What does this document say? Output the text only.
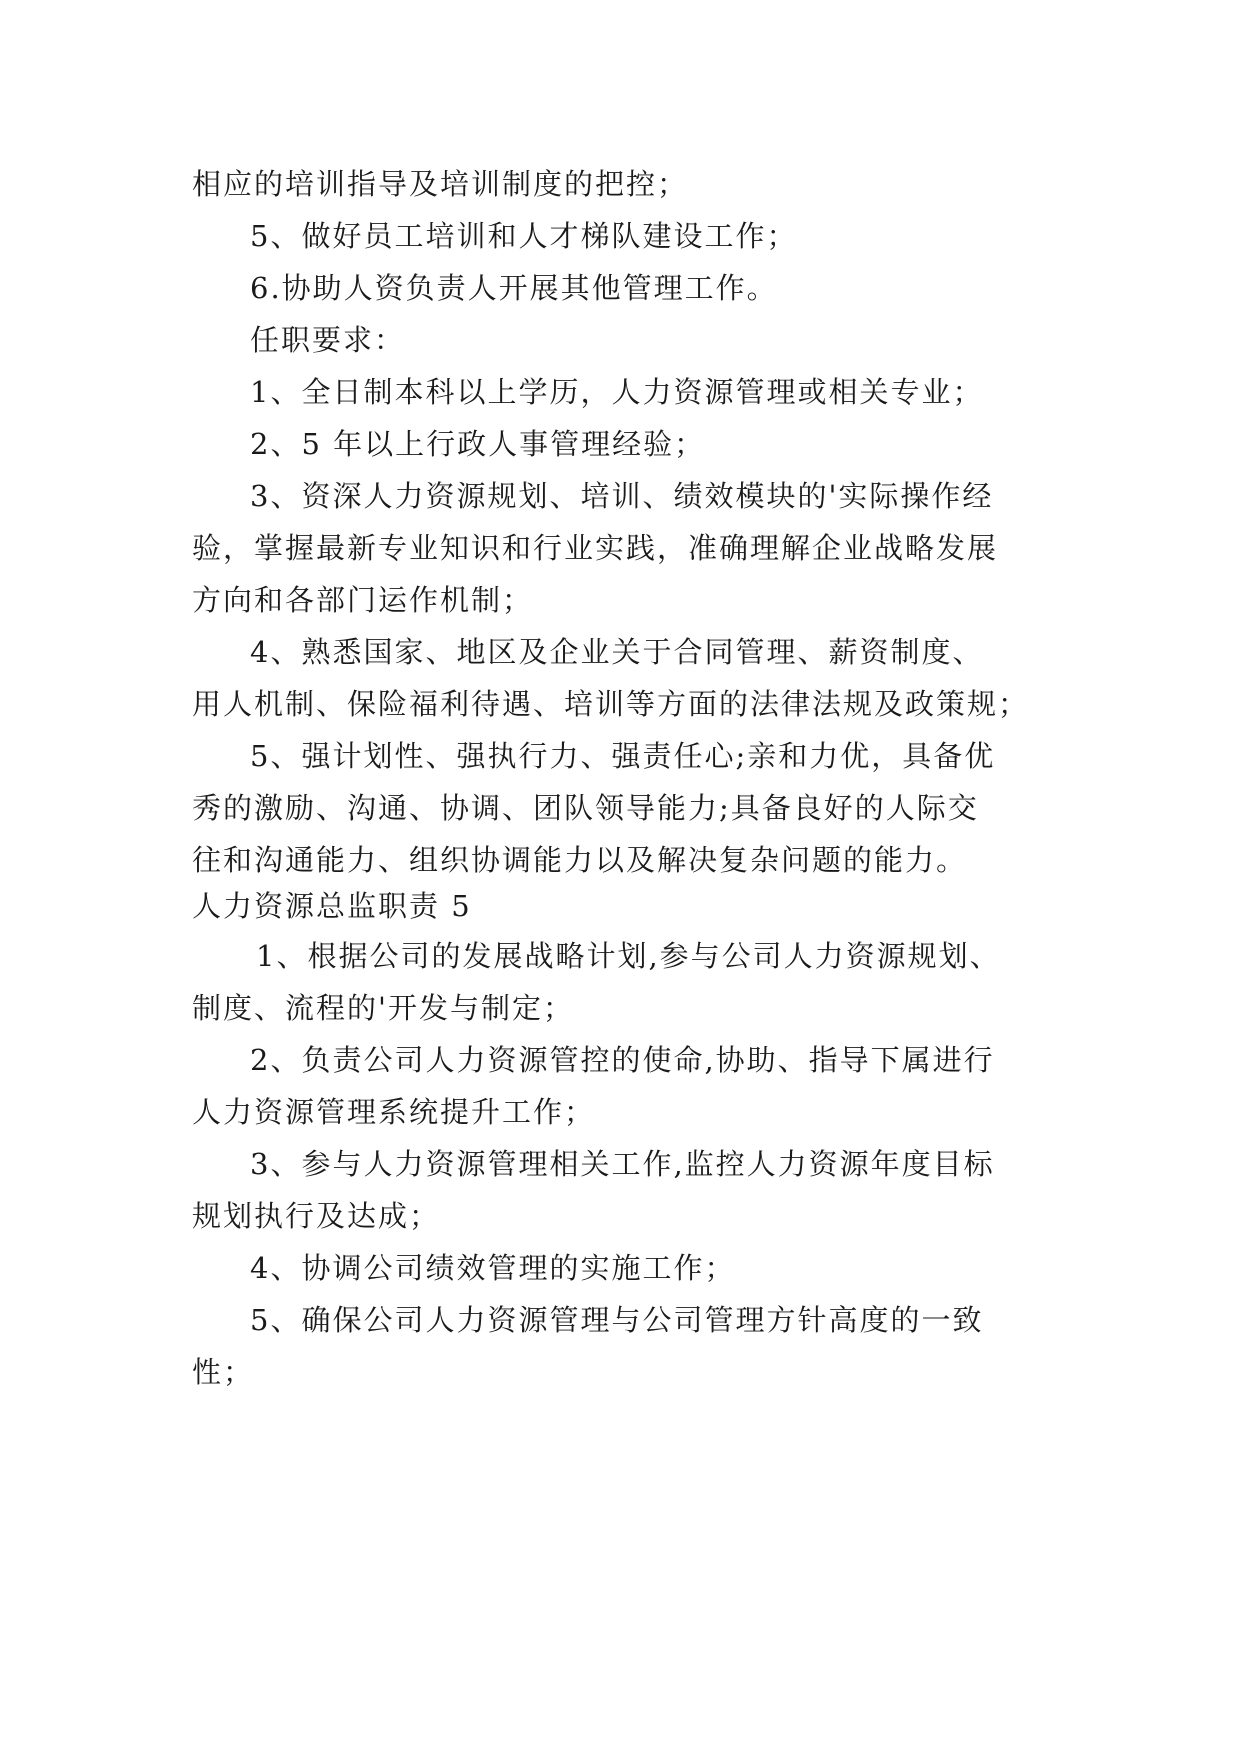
相应的培训指导及培训制度的把控；
5、做好员工培训和人才梯队建设工作；
6.协助人资负责人开展其他管理工作。
任职要求：
1、全日制本科以上学历，人力资源管理或相关专业；
2、5 年以上行政人事管理经验；
3、资深人力资源规划、培训、绩效模块的'实际操作经
验，掌握最新专业知识和行业实践，准确理解企业战略发展
方向和各部门运作机制；
4、熟悉国家、地区及企业关于合同管理、薪资制度、
用人机制、保险福利待遇、培训等方面的法律法规及政策规；
5、强计划性、强执行力、强责任心;亲和力优，具备优
秀的激励、沟通、协调、团队领导能力;具备良好的人际交
往和沟通能力、组织协调能力以及解决复杂问题的能力。
人力资源总监职责 5
1、根据公司的发展战略计划,参与公司人力资源规划、
制度、流程的'开发与制定；
2、负责公司人力资源管控的使命,协助、指导下属进行
人力资源管理系统提升工作；
3、参与人力资源管理相关工作,监控人力资源年度目标
规划执行及达成；
4、协调公司绩效管理的实施工作；
5、确保公司人力资源管理与公司管理方针高度的一致
性；
